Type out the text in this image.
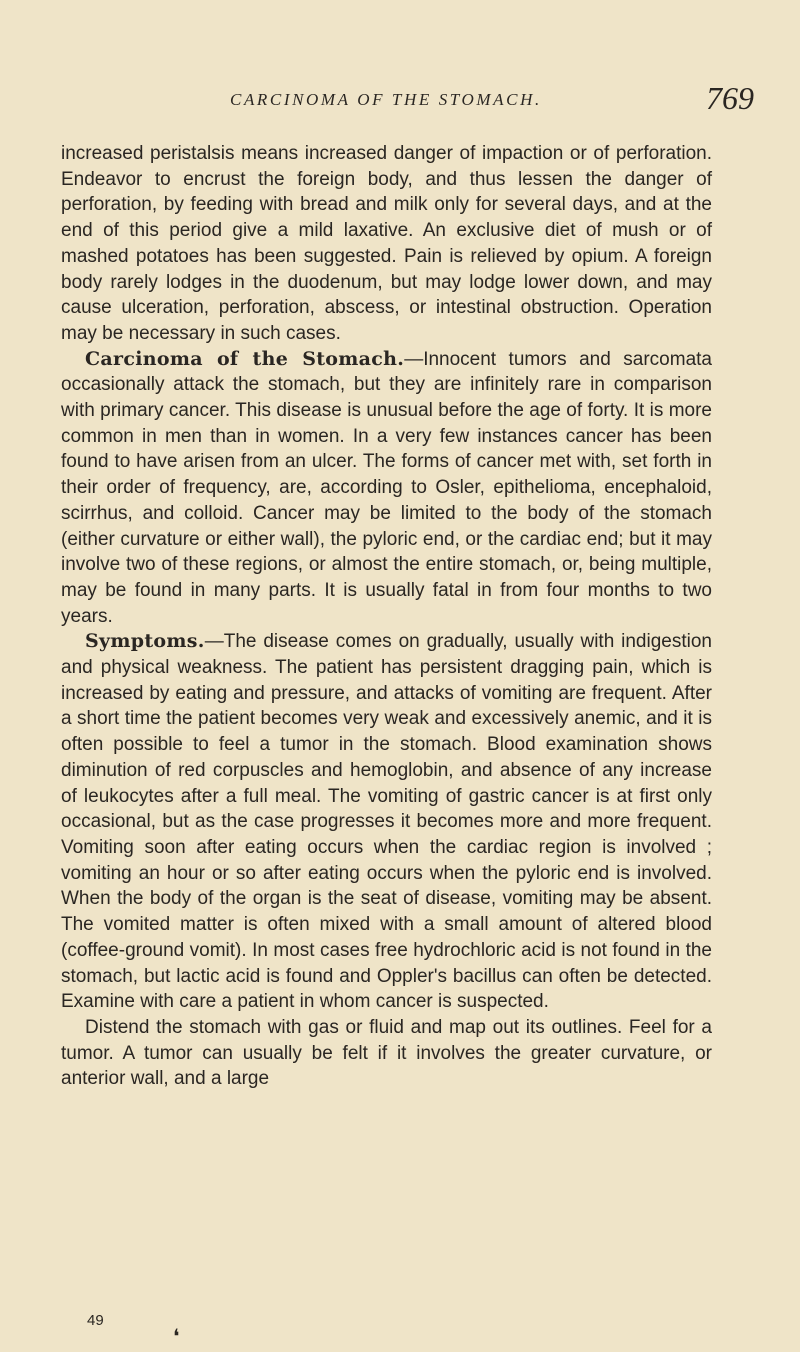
CARCINOMA OF THE STOMACH.	769

increased peristalsis means increased danger of impaction or of perforation. Endeavor to encrust the foreign body, and thus lessen the danger of perforation, by feeding with bread and milk only for several days, and at the end of this period give a mild laxative. An exclusive diet of mush or of mashed potatoes has been suggested. Pain is relieved by opium. A foreign body rarely lodges in the duodenum, but may lodge lower down, and may cause ulceration, perforation, abscess, or intestinal obstruction. Operation may be necessary in such cases.

Carcinoma of the Stomach.—Innocent tumors and sarcomata occasionally attack the stomach, but they are infinitely rare in comparison with primary cancer. This disease is unusual before the age of forty. It is more common in men than in women. In a very few instances cancer has been found to have arisen from an ulcer. The forms of cancer met with, set forth in their order of frequency, are, according to Osler, epithelioma, encephaloid, scirrhus, and colloid. Cancer may be limited to the body of the stomach (either curvature or either wall), the pyloric end, or the cardiac end; but it may involve two of these regions, or almost the entire stomach, or, being multiple, may be found in many parts. It is usually fatal in from four months to two years.

Symptoms.—The disease comes on gradually, usually with indigestion and physical weakness. The patient has persistent dragging pain, which is increased by eating and pressure, and attacks of vomiting are frequent. After a short time the patient becomes very weak and excessively anemic, and it is often possible to feel a tumor in the stomach. Blood examination shows diminution of red corpuscles and hemoglobin, and absence of any increase of leukocytes after a full meal. The vomiting of gastric cancer is at first only occasional, but as the case progresses it becomes more and more frequent. Vomiting soon after eating occurs when the cardiac region is involved ; vomiting an hour or so after eating occurs when the pyloric end is involved. When the body of the organ is the seat of disease, vomiting may be absent. The vomited matter is often mixed with a small amount of altered blood (coffee-ground vomit). In most cases free hydrochloric acid is not found in the stomach, but lactic acid is found and Oppler's bacillus can often be detected. Examine with care a patient in whom cancer is suspected.

Distend the stomach with gas or fluid and map out its outlines. Feel for a tumor. A tumor can usually be felt if it involves the greater curvature, or anterior wall, and a large

49
❛
